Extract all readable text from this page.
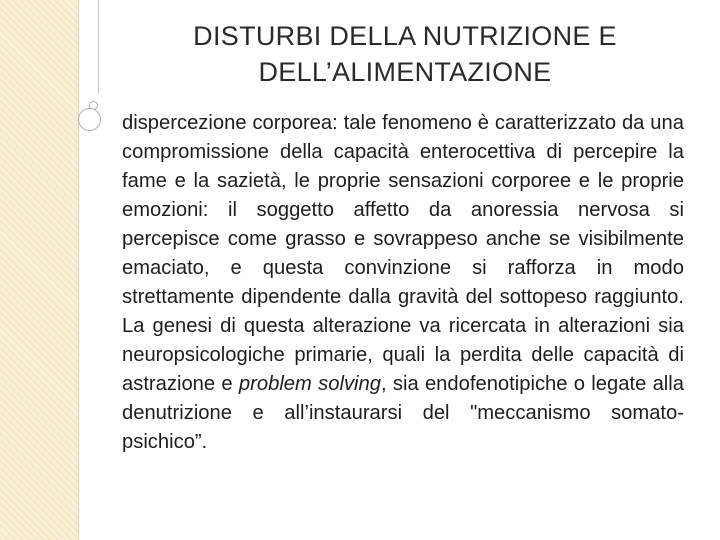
DISTURBI DELLA NUTRIZIONE E DELL’ALIMENTAZIONE
dispercezione corporea: tale fenomeno è caratterizzato da una compromissione della capacità enterocettiva di percepire la fame e la sazietà, le proprie sensazioni corporee e le proprie emozioni: il soggetto affetto da anoressia nervosa si percepisce come grasso e sovrappeso anche se visibilmente emaciato, e questa convinzione si rafforza in modo strettamente dipendente dalla gravità del sottopeso raggiunto. La genesi di questa alterazione va ricercata in alterazioni sia neuropsicologiche primarie, quali la perdita delle capacità di astrazione e problem solving, sia endofenotipiche o legate alla denutrizione e all’instaurarsi del "meccanismo somato-psichico”.
